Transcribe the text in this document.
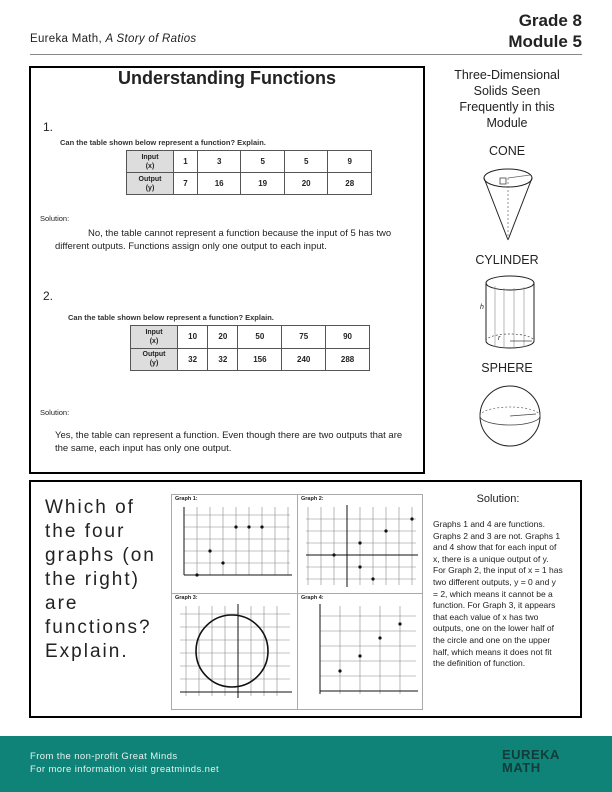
Eureka Math, A Story of Ratios
Grade 8
Module 5
Understanding Functions
1.
Can the table shown below represent a function? Explain.
Input
(x)	1	3	5	5	9
Output
(y)	7	16	19	20	28
Solution:
No, the table cannot represent a function because the input of 5 has two different outputs. Functions assign only one output to each input.
2.
Can the table shown below represent a function? Explain.
Input
(x)	10	20	50	75	90
Output
(y)	32	32	156	240	288
Solution:
Yes, the table can represent a function. Even though there are two outputs that are the same, each input has only one output.
Three-Dimensional Solids Seen Frequently in this Module
CONE
CYLINDER
h
r
SPHERE
Which of the four graphs (on the right) are functions? Explain.
Graph 1:	Graph 2:
Graph 3:	Graph 4:
Solution:
Graphs 1 and 4 are functions. Graphs 2 and 3 are not. Graphs 1 and 4 show that for each input of x, there is a unique output of y. For Graph 2, the input of x = 1 has two different outputs, y = 0 and y = 2, which means it cannot be a function. For Graph 3, it appears that each value of x has two outputs, one on the lower half of the circle and one on the upper half, which means it does not fit the definition of function.
From the non-profit Great Minds
For more information visit greatminds.net
EUREKA
MATH
